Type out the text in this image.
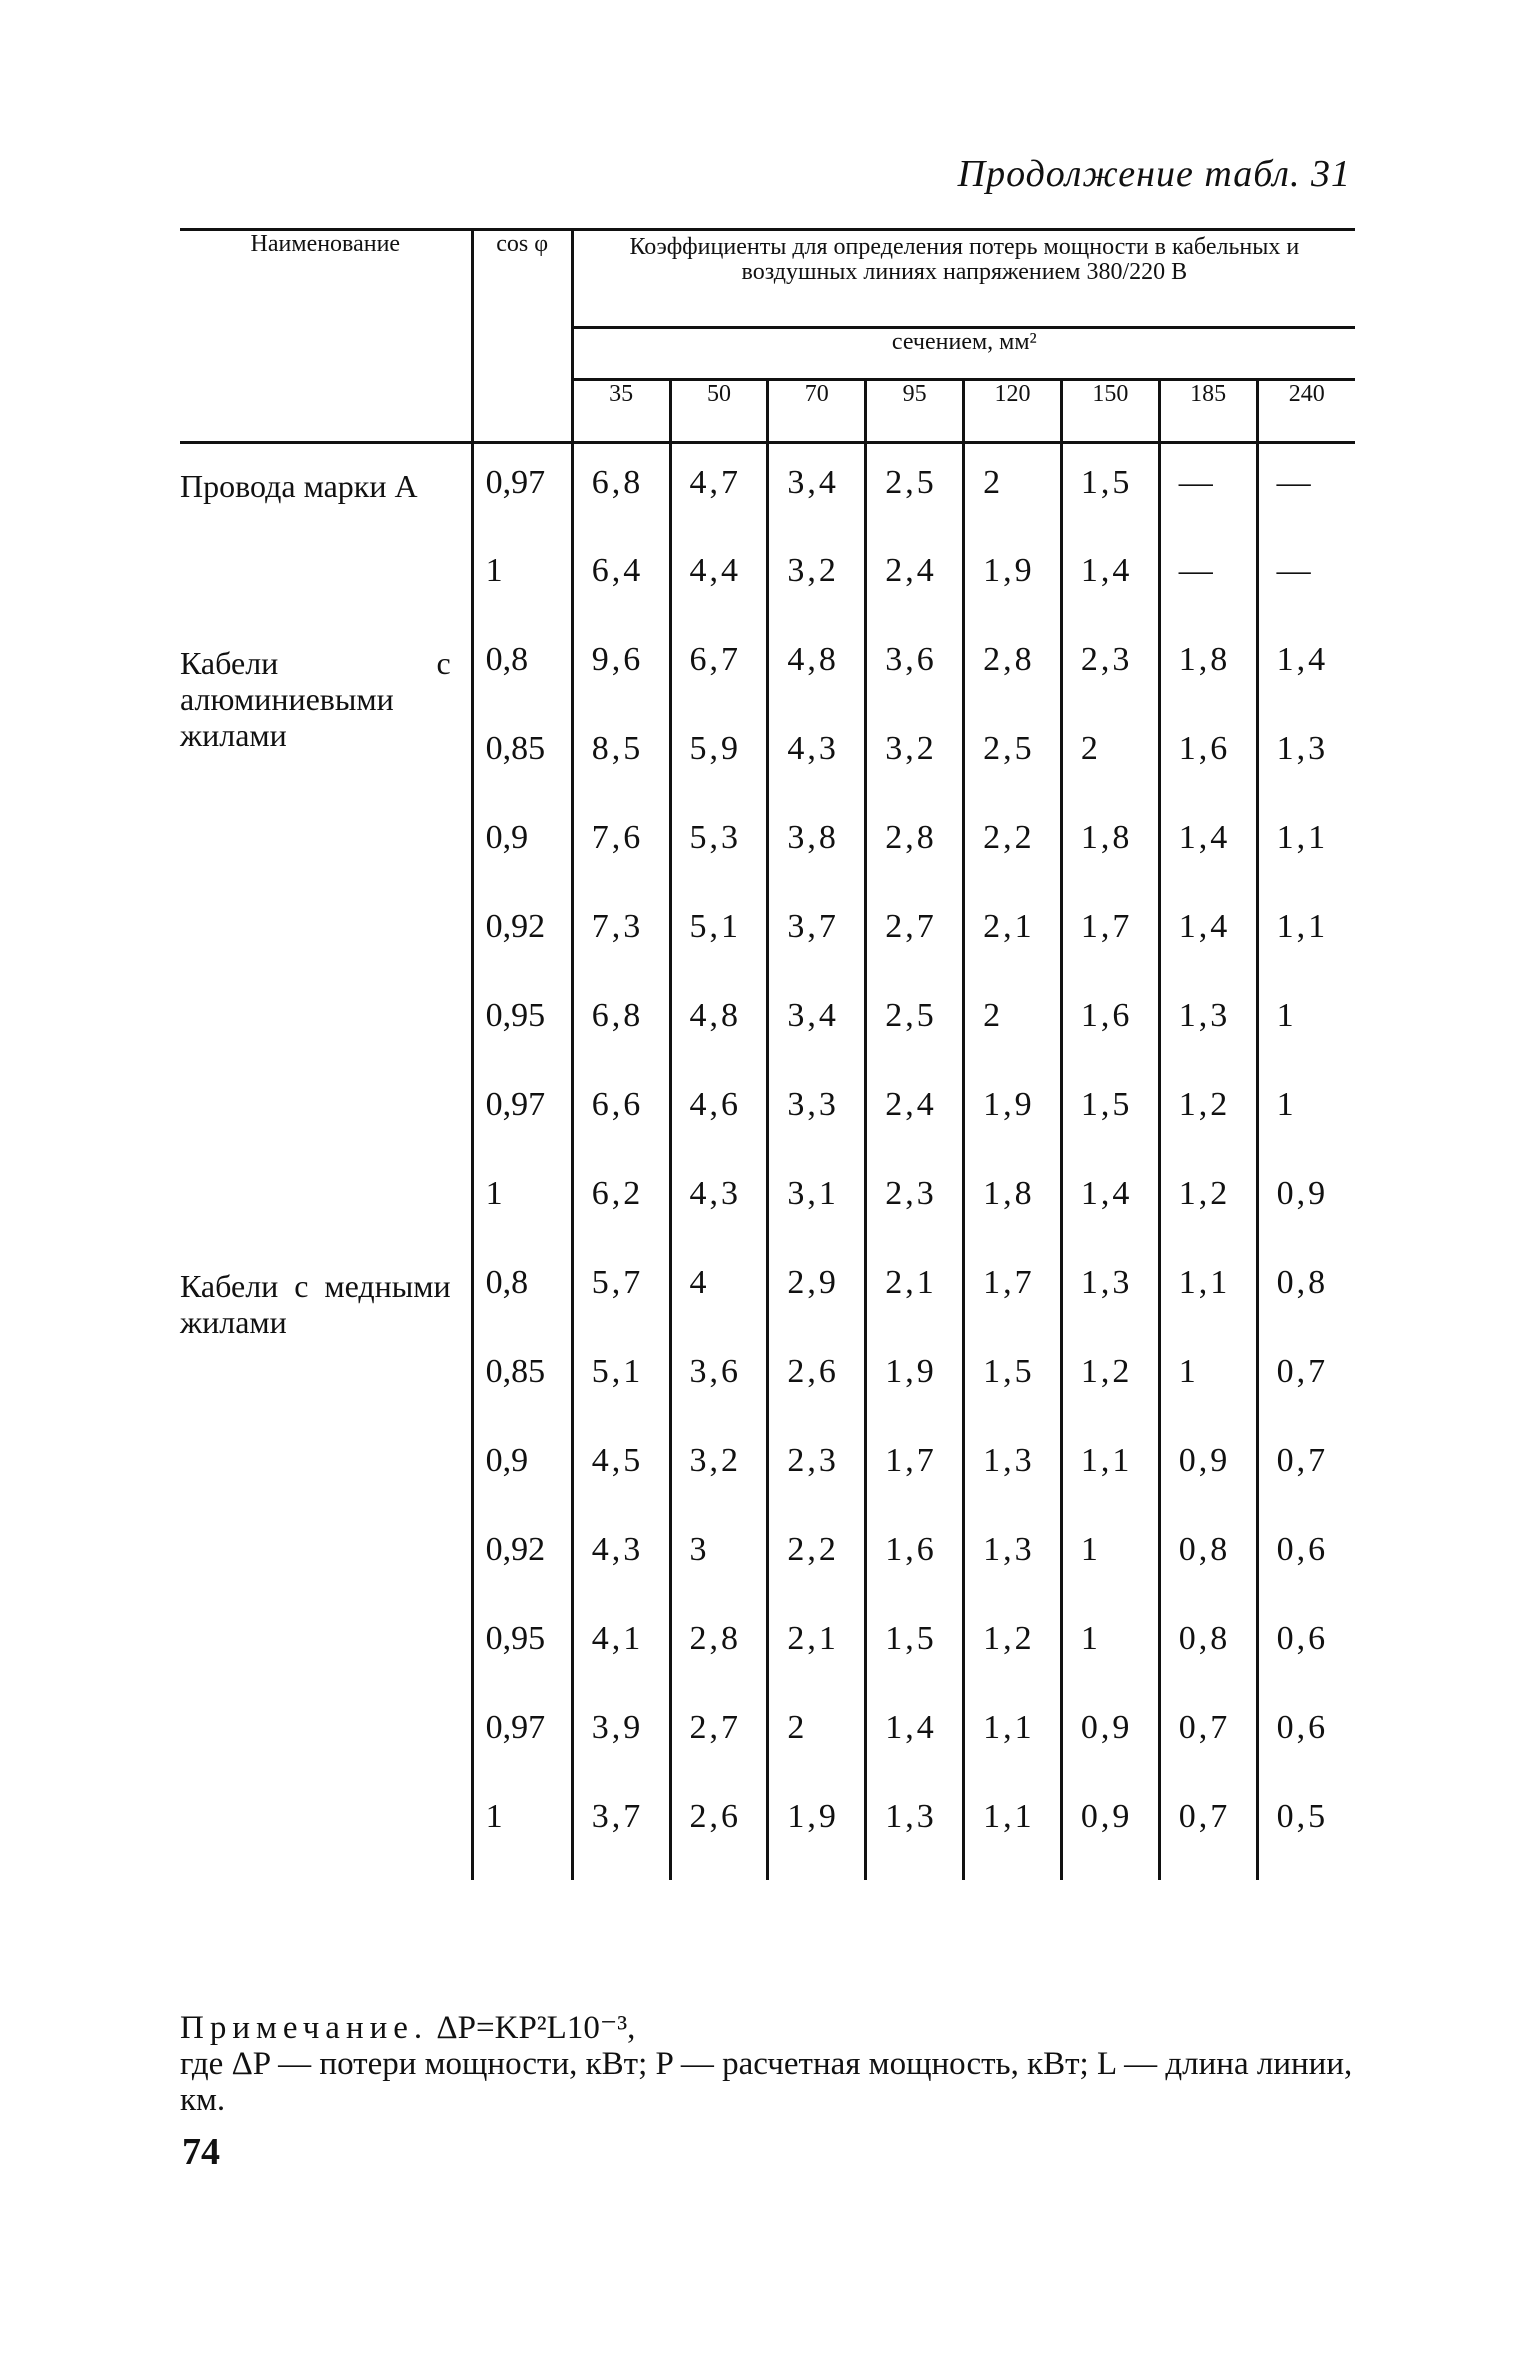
Продолжение табл. 31
Наименование	cos φ	Коэффициенты для определения потерь мощности в кабельных и воздушных линиях напряжением 380/220 В							
		сечением, мм²							
		35	50	70	95	120	150	185	240
Провода марки А	0,97	6,8	4,7	3,4	2,5	2	1,5	—	—
	1	6,4	4,4	3,2	2,4	1,9	1,4	—	—
Кабели с алюминиевыми жилами	0,8	9,6	6,7	4,8	3,6	2,8	2,3	1,8	1,4
	0,85	8,5	5,9	4,3	3,2	2,5	2	1,6	1,3
	0,9	7,6	5,3	3,8	2,8	2,2	1,8	1,4	1,1
	0,92	7,3	5,1	3,7	2,7	2,1	1,7	1,4	1,1
	0,95	6,8	4,8	3,4	2,5	2	1,6	1,3	1
	0,97	6,6	4,6	3,3	2,4	1,9	1,5	1,2	1
	1	6,2	4,3	3,1	2,3	1,8	1,4	1,2	0,9
Кабели с медными жилами	0,8	5,7	4	2,9	2,1	1,7	1,3	1,1	0,8
	0,85	5,1	3,6	2,6	1,9	1,5	1,2	1	0,7
	0,9	4,5	3,2	2,3	1,7	1,3	1,1	0,9	0,7
	0,92	4,3	3	2,2	1,6	1,3	1	0,8	0,6
	0,95	4,1	2,8	2,1	1,5	1,2	1	0,8	0,6
	0,97	3,9	2,7	2	1,4	1,1	0,9	0,7	0,6
	1	3,7	2,6	1,9	1,3	1,1	0,9	0,7	0,5
Примечание. ΔP=KP²L10⁻³,
где ΔP — потери мощности, кВт; P — расчетная мощность, кВт; L — длина линии, км.
74
